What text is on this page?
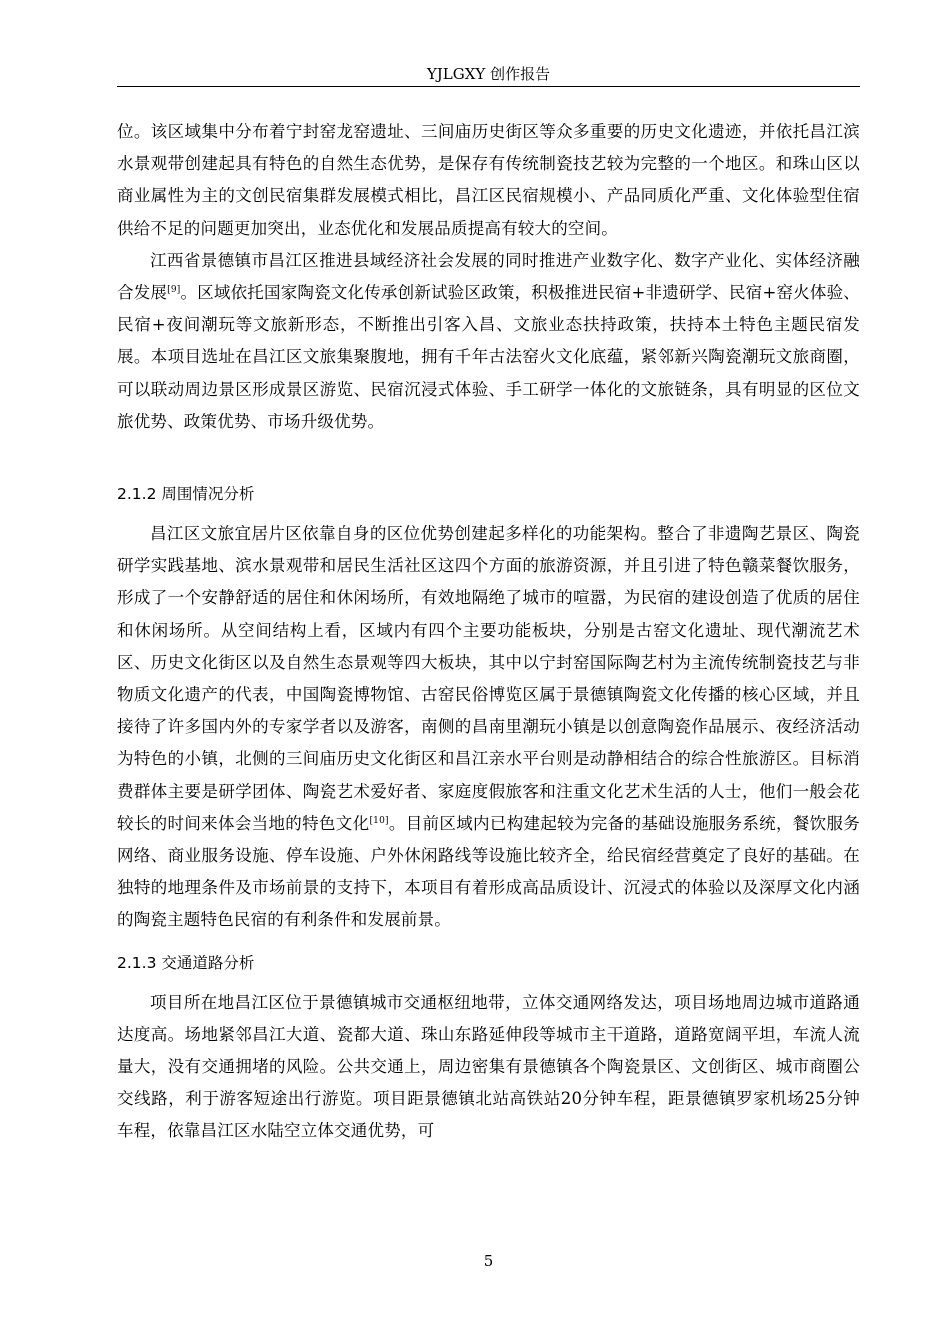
YJLGXY 创作报告

位。该区域集中分布着宁封窑龙窑遗址、三间庙历史街区等众多重要的历史文化遗迹，并依托昌江滨水景观带创建起具有特色的自然生态优势，是保存有传统制瓷技艺较为完整的一个地区。和珠山区以商业属性为主的文创民宿集群发展模式相比，昌江区民宿规模小、产品同质化严重、文化体验型住宿供给不足的问题更加突出，业态优化和发展品质提高有较大的空间。

江西省景德镇市昌江区推进县域经济社会发展的同时推进产业数字化、数字产业化、实体经济融合发展[9]。区域依托国家陶瓷文化传承创新试验区政策，积极推进民宿+非遗研学、民宿+窑火体验、民宿+夜间潮玩等文旅新形态，不断推出引客入昌、文旅业态扶持政策，扶持本土特色主题民宿发展。本项目选址在昌江区文旅集聚腹地，拥有千年古法窑火文化底蕴，紧邻新兴陶瓷潮玩文旅商圈，可以联动周边景区形成景区游览、民宿沉浸式体验、手工研学一体化的文旅链条，具有明显的区位文旅优势、政策优势、市场升级优势。

2.1.2 周围情况分析

昌江区文旅宜居片区依靠自身的区位优势创建起多样化的功能架构。整合了非遗陶艺景区、陶瓷研学实践基地、滨水景观带和居民生活社区这四个方面的旅游资源，并且引进了特色赣菜餐饮服务，形成了一个安静舒适的居住和休闲场所，有效地隔绝了城市的喧嚣，为民宿的建设创造了优质的居住和休闲场所。从空间结构上看，区域内有四个主要功能板块，分别是古窑文化遗址、现代潮流艺术区、历史文化街区以及自然生态景观等四大板块，其中以宁封窑国际陶艺村为主流传统制瓷技艺与非物质文化遗产的代表，中国陶瓷博物馆、古窑民俗博览区属于景德镇陶瓷文化传播的核心区域，并且接待了许多国内外的专家学者以及游客，南侧的昌南里潮玩小镇是以创意陶瓷作品展示、夜经济活动为特色的小镇，北侧的三间庙历史文化街区和昌江亲水平台则是动静相结合的综合性旅游区。目标消费群体主要是研学团体、陶瓷艺术爱好者、家庭度假旅客和注重文化艺术生活的人士，他们一般会花较长的时间来体会当地的特色文化[10]。目前区域内已构建起较为完备的基础设施服务系统，餐饮服务网络、商业服务设施、停车设施、户外休闲路线等设施比较齐全，给民宿经营奠定了良好的基础。在独特的地理条件及市场前景的支持下，本项目有着形成高品质设计、沉浸式的体验以及深厚文化内涵的陶瓷主题特色民宿的有利条件和发展前景。

2.1.3 交通道路分析

项目所在地昌江区位于景德镇城市交通枢纽地带，立体交通网络发达，项目场地周边城市道路通达度高。场地紧邻昌江大道、瓷都大道、珠山东路延伸段等城市主干道路，道路宽阔平坦，车流人流量大，没有交通拥堵的风险。公共交通上，周边密集有景德镇各个陶瓷景区、文创街区、城市商圈公交线路，利于游客短途出行游览。项目距景德镇北站高铁站20分钟车程，距景德镇罗家机场25分钟车程，依靠昌江区水陆空立体交通优势，可

5
